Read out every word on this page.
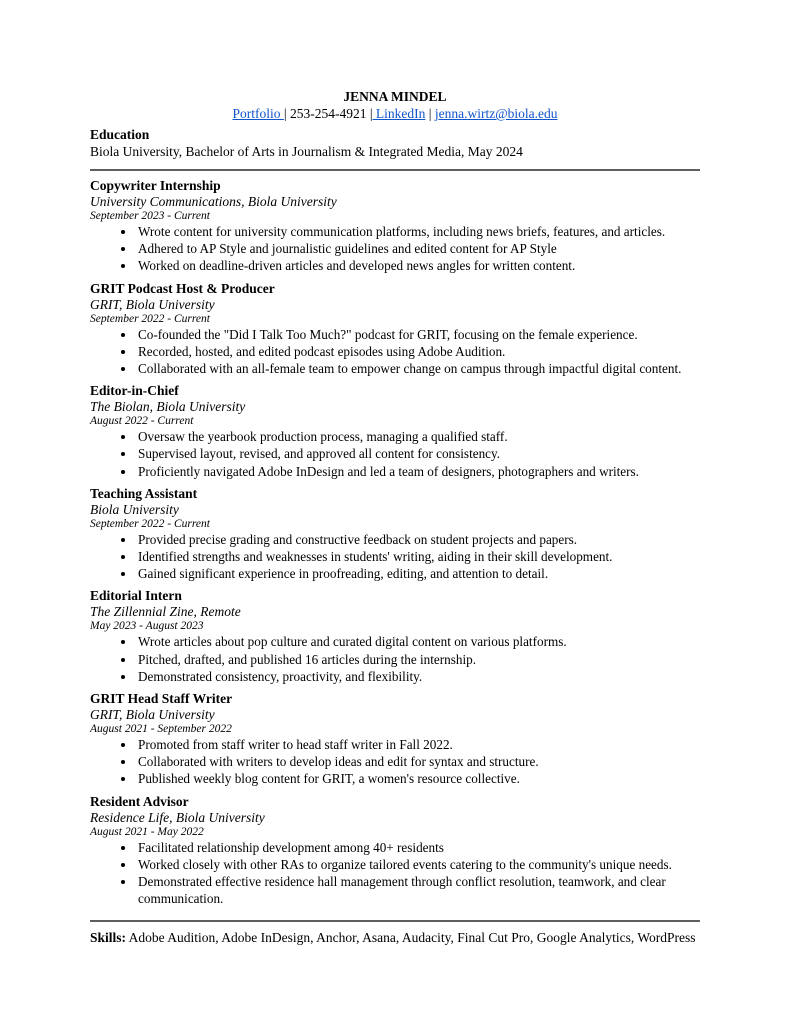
JENNA MINDEL
Portfolio | 253-254-4921 | LinkedIn | jenna.wirtz@biola.edu
Education
Biola University, Bachelor of Arts in Journalism & Integrated Media, May 2024
Copywriter Internship
University Communications, Biola University
September 2023 - Current
• Wrote content for university communication platforms, including news briefs, features, and articles.
• Adhered to AP Style and journalistic guidelines and edited content for AP Style
• Worked on deadline-driven articles and developed news angles for written content.
GRIT Podcast Host & Producer
GRIT, Biola University
September 2022 - Current
• Co-founded the "Did I Talk Too Much?" podcast for GRIT, focusing on the female experience.
• Recorded, hosted, and edited podcast episodes using Adobe Audition.
• Collaborated with an all-female team to empower change on campus through impactful digital content.
Editor-in-Chief
The Biolan, Biola University
August 2022 - Current
• Oversaw the yearbook production process, managing a qualified staff.
• Supervised layout, revised, and approved all content for consistency.
• Proficiently navigated Adobe InDesign and led a team of designers, photographers and writers.
Teaching Assistant
Biola University
September 2022 - Current
• Provided precise grading and constructive feedback on student projects and papers.
• Identified strengths and weaknesses in students' writing, aiding in their skill development.
• Gained significant experience in proofreading, editing, and attention to detail.
Editorial Intern
The Zillennial Zine, Remote
May 2023 - August 2023
• Wrote articles about pop culture and curated digital content on various platforms.
• Pitched, drafted, and published 16 articles during the internship.
• Demonstrated consistency, proactivity, and flexibility.
GRIT Head Staff Writer
GRIT, Biola University
August 2021 - September 2022
• Promoted from staff writer to head staff writer in Fall 2022.
• Collaborated with writers to develop ideas and edit for syntax and structure.
• Published weekly blog content for GRIT, a women's resource collective.
Resident Advisor
Residence Life, Biola University
August 2021 - May 2022
• Facilitated relationship development among 40+ residents
• Worked closely with other RAs to organize tailored events catering to the community's unique needs.
• Demonstrated effective residence hall management through conflict resolution, teamwork, and clear communication.
Skills: Adobe Audition, Adobe InDesign, Anchor, Asana, Audacity, Final Cut Pro, Google Analytics, WordPress
